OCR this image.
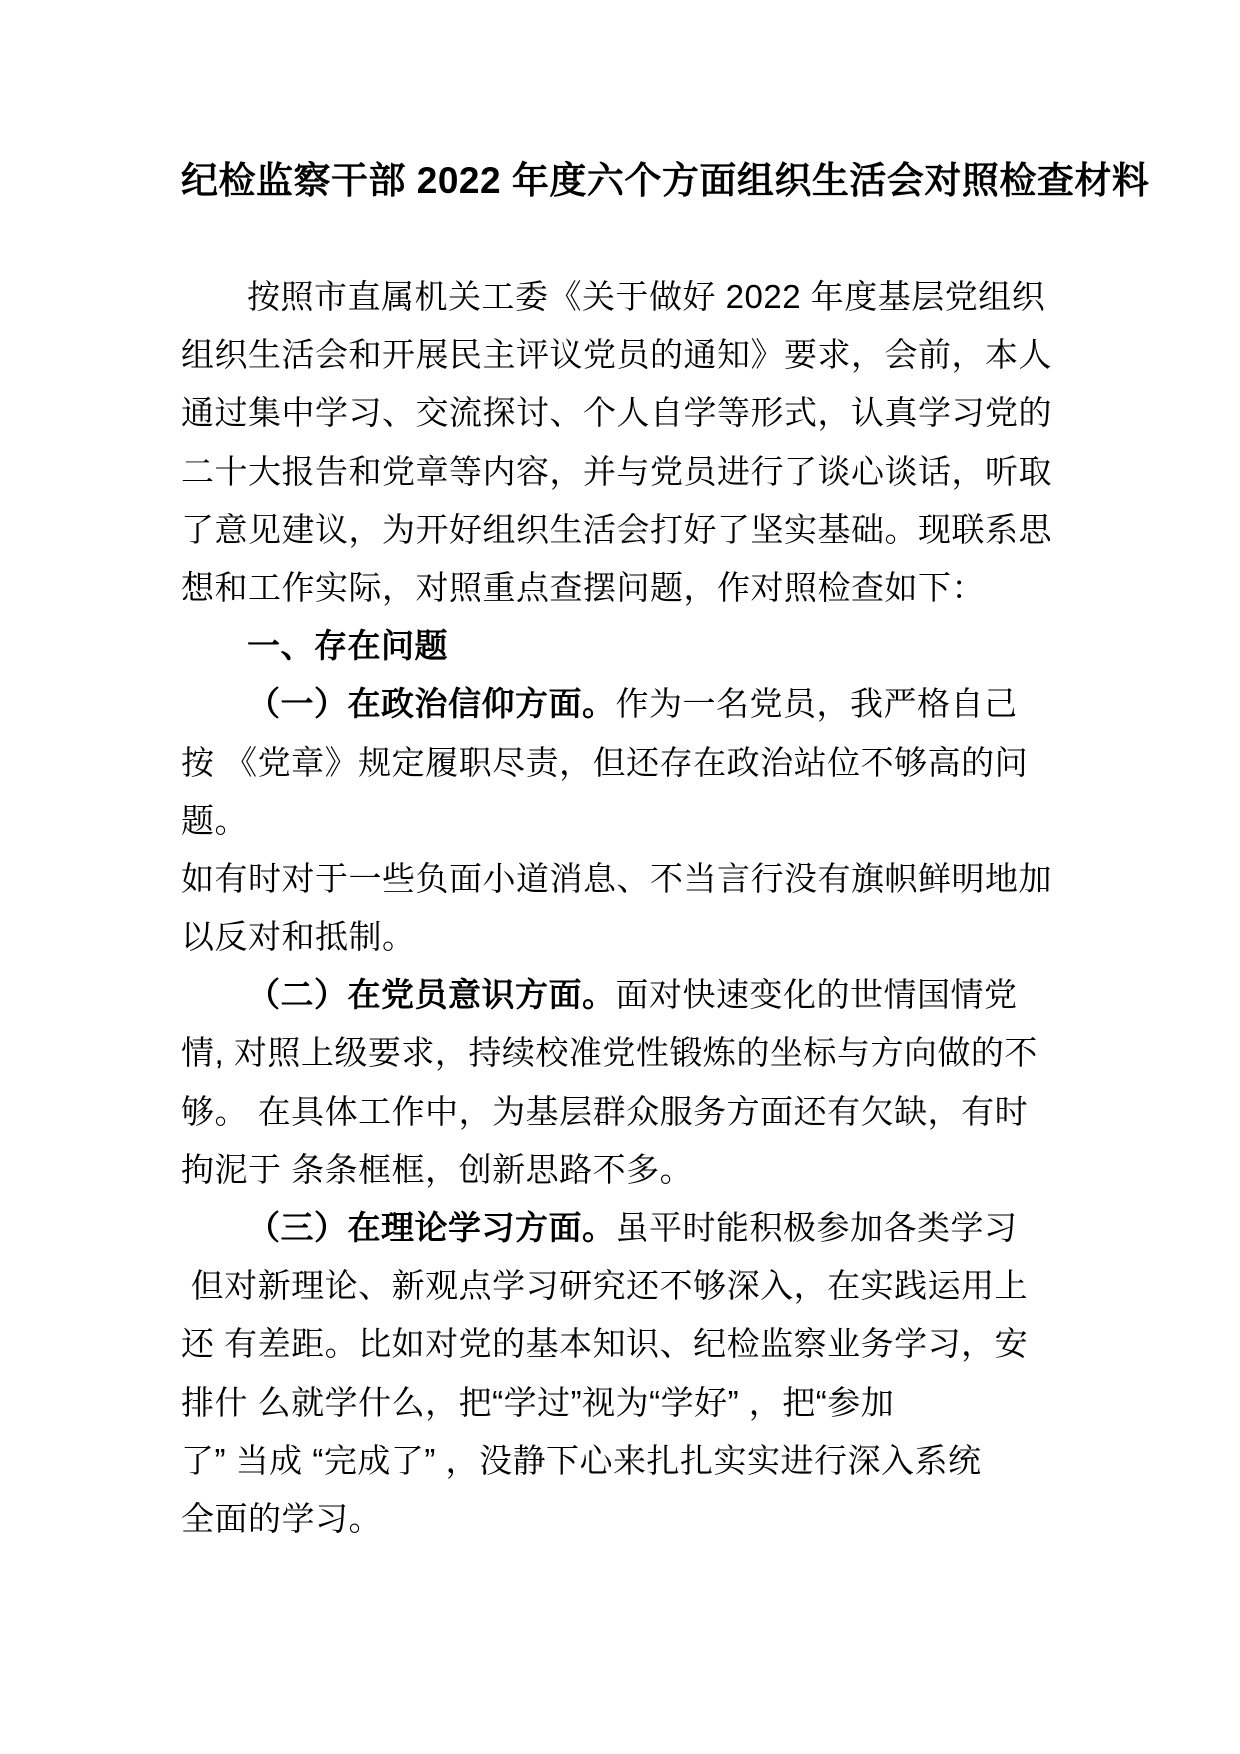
纪检监察干部 2022 年度六个方面组织生活会对照检查材料
按照市直属机关工委《关于做好 2022 年度基层党组织
组织生活会和开展民主评议党员的通知》要求，会前，本人
通过集中学习、交流探讨、个人自学等形式，认真学习党的
二十大报告和党章等内容，并与党员进行了谈心谈话，听取
了意见建议，为开好组织生活会打好了坚实基础。现联系思
想和工作实际，对照重点查摆问题，作对照检查如下：
一、存在问题
（一）在政治信仰方面。作为一名党员，我严格自己
按 《党章》规定履职尽责，但还存在政治站位不够高的问
题。
如有时对于一些负面小道消息、不当言行没有旗帜鲜明地加
以反对和抵制。
（二）在党员意识方面。面对快速变化的世情国情党
情, 对照上级要求，持续校准党性锻炼的坐标与方向做的不
够。 在具体工作中，为基层群众服务方面还有欠缺，有时
拘泥于 条条框框，创新思路不多。
（三）在理论学习方面。虽平时能积极参加各类学习
但对新理论、新观点学习研究还不够深入，在实践运用上
还 有差距。比如对党的基本知识、纪检监察业务学习，安
排什 么就学什么，把“学过”视为“学好” ，把“参加
了” 当成 “完成了” ，没静下心来扎扎实实进行深入系统
全面的学习。
